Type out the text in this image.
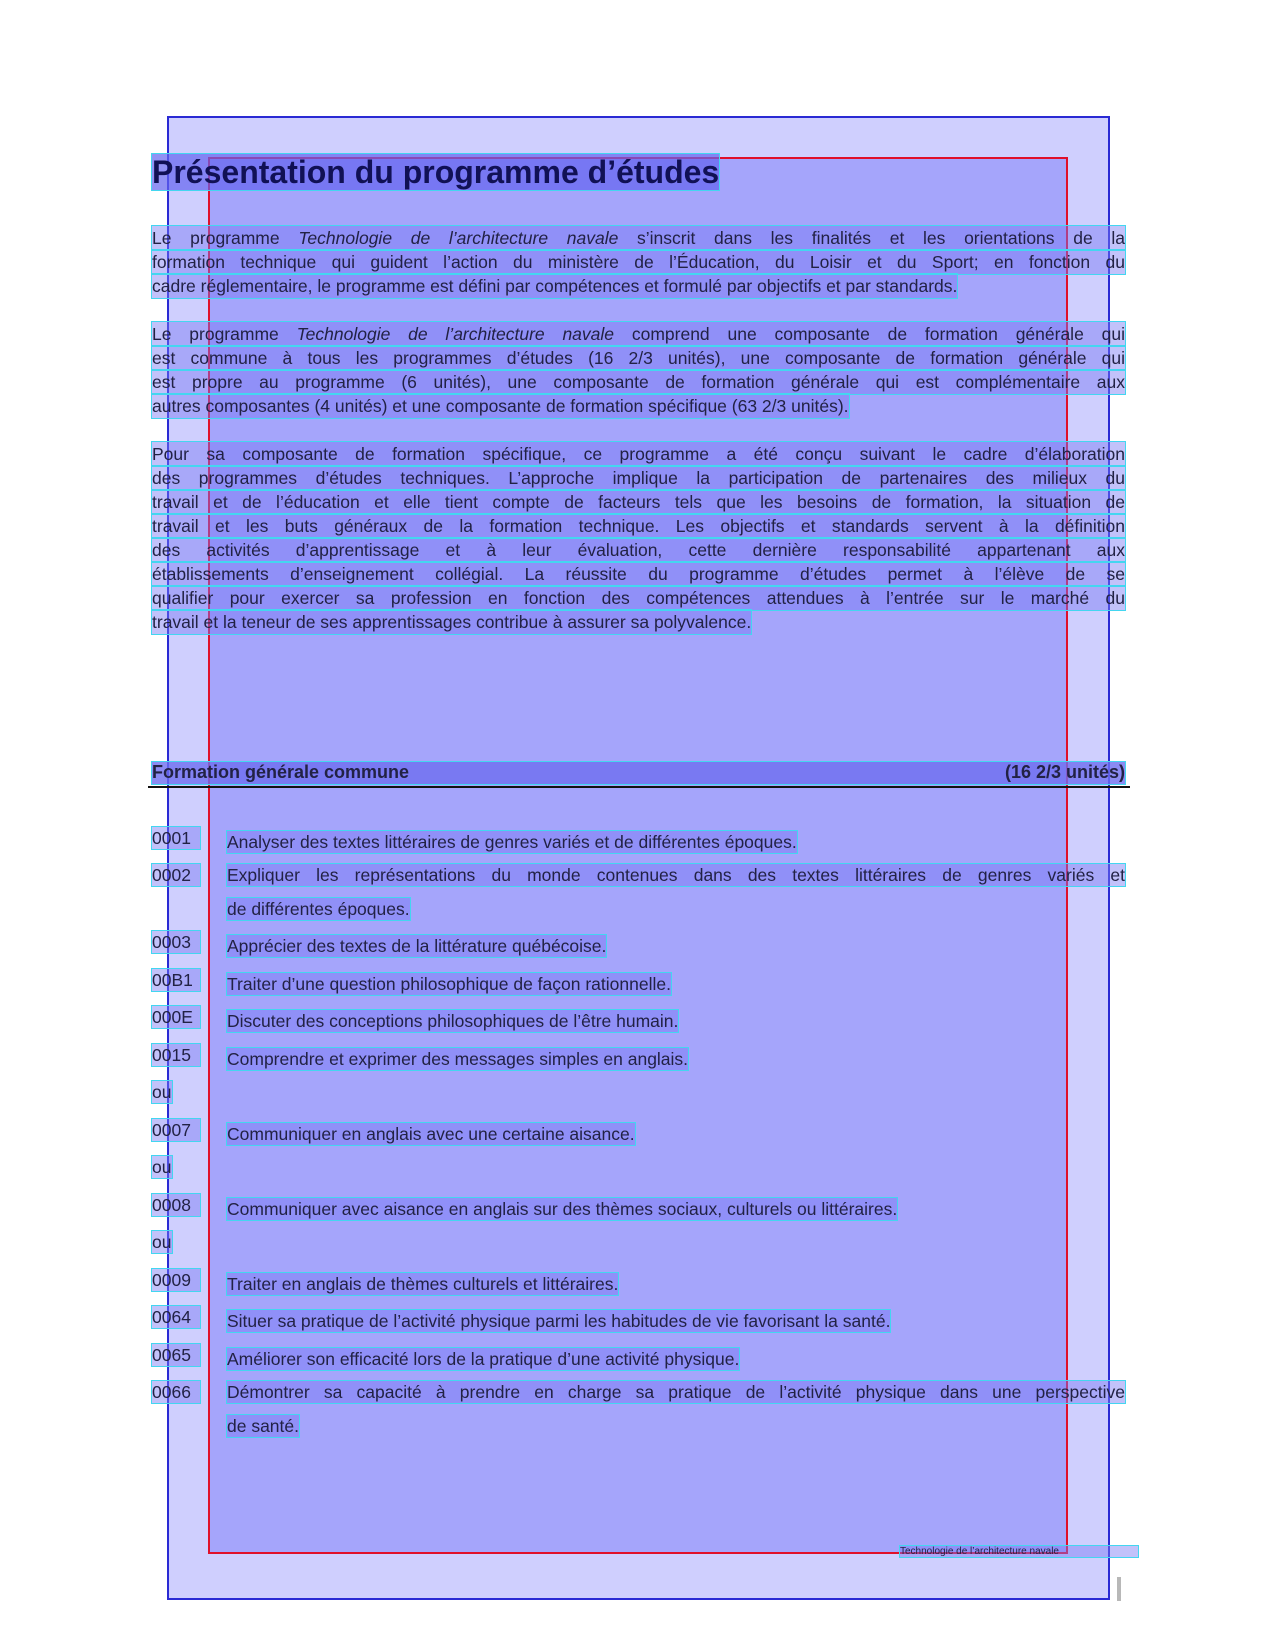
Présentation du programme d’études
Le programme Technologie de l’architecture navale s’inscrit dans les finalités et les orientations de la
formation technique qui guident l’action du ministère de l’Éducation, du Loisir et du Sport; en fonction du
cadre réglementaire, le programme est défini par compétences et formulé par objectifs et par standards.
Le programme Technologie de l’architecture navale comprend une composante de formation générale qui
est commune à tous les programmes d’études (16 2/3 unités), une composante de formation générale qui
est propre au programme (6 unités), une composante de formation générale qui est complémentaire aux
autres composantes (4 unités) et une composante de formation spécifique (63 2/3 unités).
Pour sa composante de formation spécifique, ce programme a été conçu suivant le cadre d’élaboration
des programmes d’études techniques. L’approche implique la participation de partenaires des milieux du
travail et de l’éducation et elle tient compte de facteurs tels que les besoins de formation, la situation de
travail et les buts généraux de la formation technique. Les objectifs et standards servent à la définition
des activités d’apprentissage et à leur évaluation, cette dernière responsabilité appartenant aux
établissements d’enseignement collégial. La réussite du programme d’études permet à l’élève de se
qualifier pour exercer sa profession en fonction des compétences attendues à l’entrée sur le marché du
travail et la teneur de ses apprentissages contribue à assurer sa polyvalence.
Formation générale commune	(16 2/3 unités)
0001	Analyser des textes littéraires de genres variés et de différentes époques.
0002	Expliquer les représentations du monde contenues dans des textes littéraires de genres variés et
de différentes époques.
0003	Apprécier des textes de la littérature québécoise.
00B1	Traiter d’une question philosophique de façon rationnelle.
000E	Discuter des conceptions philosophiques de l’être humain.
0015	Comprendre et exprimer des messages simples en anglais.
ou
0007	Communiquer en anglais avec une certaine aisance.
ou
0008	Communiquer avec aisance en anglais sur des thèmes sociaux, culturels ou littéraires.
ou
0009	Traiter en anglais de thèmes culturels et littéraires.
0064	Situer sa pratique de l’activité physique parmi les habitudes de vie favorisant la santé.
0065	Améliorer son efficacité lors de la pratique d’une activité physique.
0066	Démontrer sa capacité à prendre en charge sa pratique de l’activité physique dans une perspective
de santé.
Technologie de l’architecture navale
